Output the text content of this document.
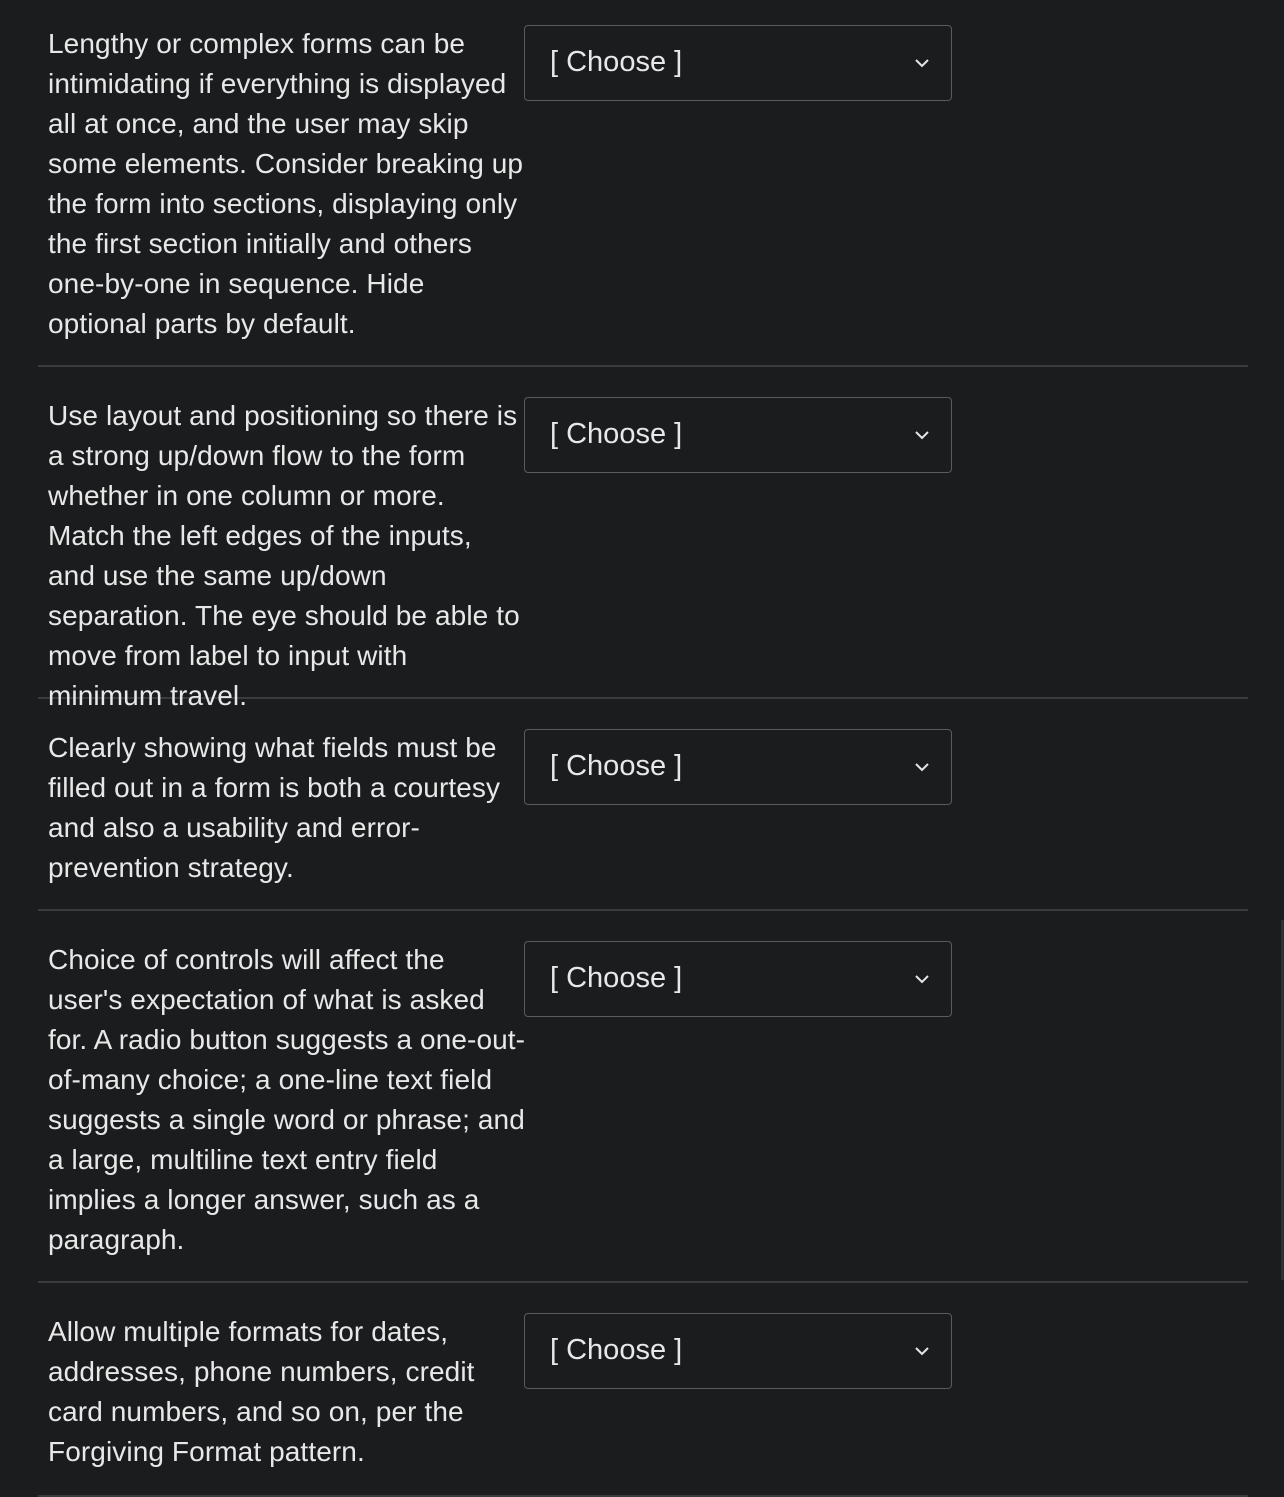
Lengthy or complex forms can be intimidating if everything is displayed all at once, and the user may skip some elements. Consider breaking up the form into sections, displaying only the first section initially and others one-by-one in sequence. Hide optional parts by default.
[ Choose ]
Use layout and positioning so there is a strong up/down flow to the form whether in one column or more. Match the left edges of the inputs, and use the same up/down separation. The eye should be able to move from label to input with minimum travel.
[ Choose ]
Clearly showing what fields must be filled out in a form is both a courtesy and also a usability and error-prevention strategy.
[ Choose ]
Choice of controls will affect the user's expectation of what is asked for. A radio button suggests a one-out-of-many choice; a one-line text field suggests a single word or phrase; and a large, multiline text entry field implies a longer answer, such as a paragraph.
[ Choose ]
Allow multiple formats for dates, addresses, phone numbers, credit card numbers, and so on, per the Forgiving Format pattern.
[ Choose ]
